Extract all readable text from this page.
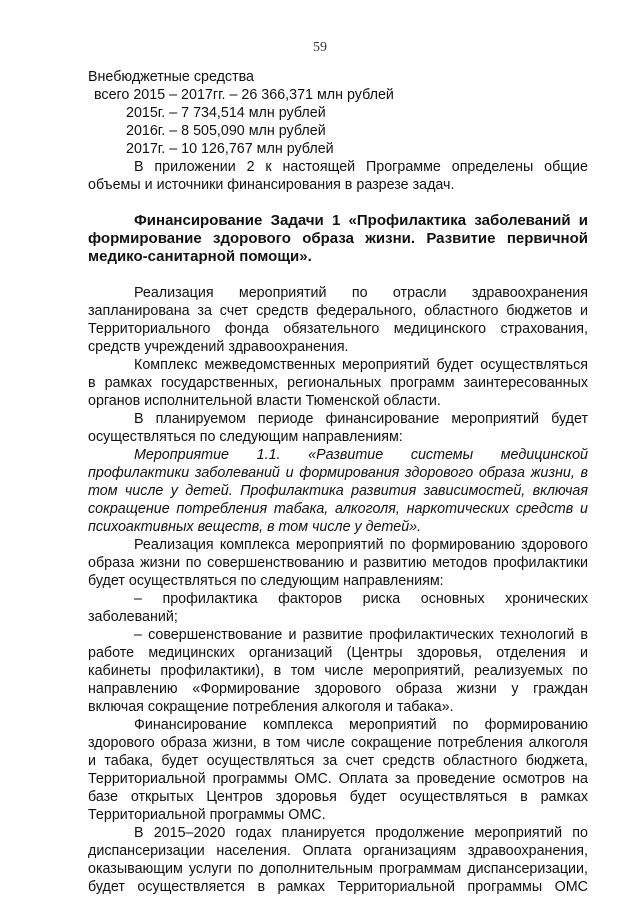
59
Внебюджетные средства
всего 2015 – 2017гг. – 26 366,371 млн рублей
2015г. – 7 734,514 млн рублей
2016г. – 8 505,090 млн рублей
2017г. – 10 126,767 млн рублей
В приложении 2 к настоящей Программе определены общие
объемы и источники финансирования в разрезе задач.
Финансирование Задачи 1 «Профилактика заболеваний и
формирование здорового образа жизни. Развитие первичной
медико-санитарной помощи».
Реализация мероприятий по отрасли здравоохранения
запланирована за счет средств федерального, областного бюджетов и
Территориального фонда обязательного медицинского страхования,
средств учреждений здравоохранения.
Комплекс межведомственных мероприятий будет осуществляться
в рамках государственных, региональных программ заинтересованных
органов исполнительной власти Тюменской области.
В планируемом периоде финансирование мероприятий будет
осуществляться по следующим направлениям:
Мероприятие 1.1. «Развитие системы медицинской
профилактики заболеваний и формирования здорового образа жизни, в
том числе у детей. Профилактика развития зависимостей, включая
сокращение потребления табака, алкоголя, наркотических средств и
психоактивных веществ, в том числе у детей».
Реализация комплекса мероприятий по формированию здорового
образа жизни по совершенствованию и развитию методов профилактики
будет осуществляться по следующим направлениям:
– профилактика факторов риска основных хронических
заболеваний;
– совершенствование и развитие профилактических технологий в
работе медицинских организаций (Центры здоровья, отделения и
кабинеты профилактики), в том числе мероприятий, реализуемых по
направлению «Формирование здорового образа жизни у граждан
включая сокращение потребления алкоголя и табака».
Финансирование комплекса мероприятий по формированию
здорового образа жизни, в том числе сокращение потребления алкоголя
и табака, будет осуществляться за счет средств областного бюджета,
Территориальной программы ОМС. Оплата за проведение осмотров на
базе открытых Центров здоровья будет осуществляться в рамках
Территориальной программы ОМС.
В 2015–2020 годах планируется продолжение мероприятий по
диспансеризации населения. Оплата организациям здравоохранения,
оказывающим услуги по дополнительным программам диспансеризации,
будет осуществляется в рамках Территориальной программы ОМС
